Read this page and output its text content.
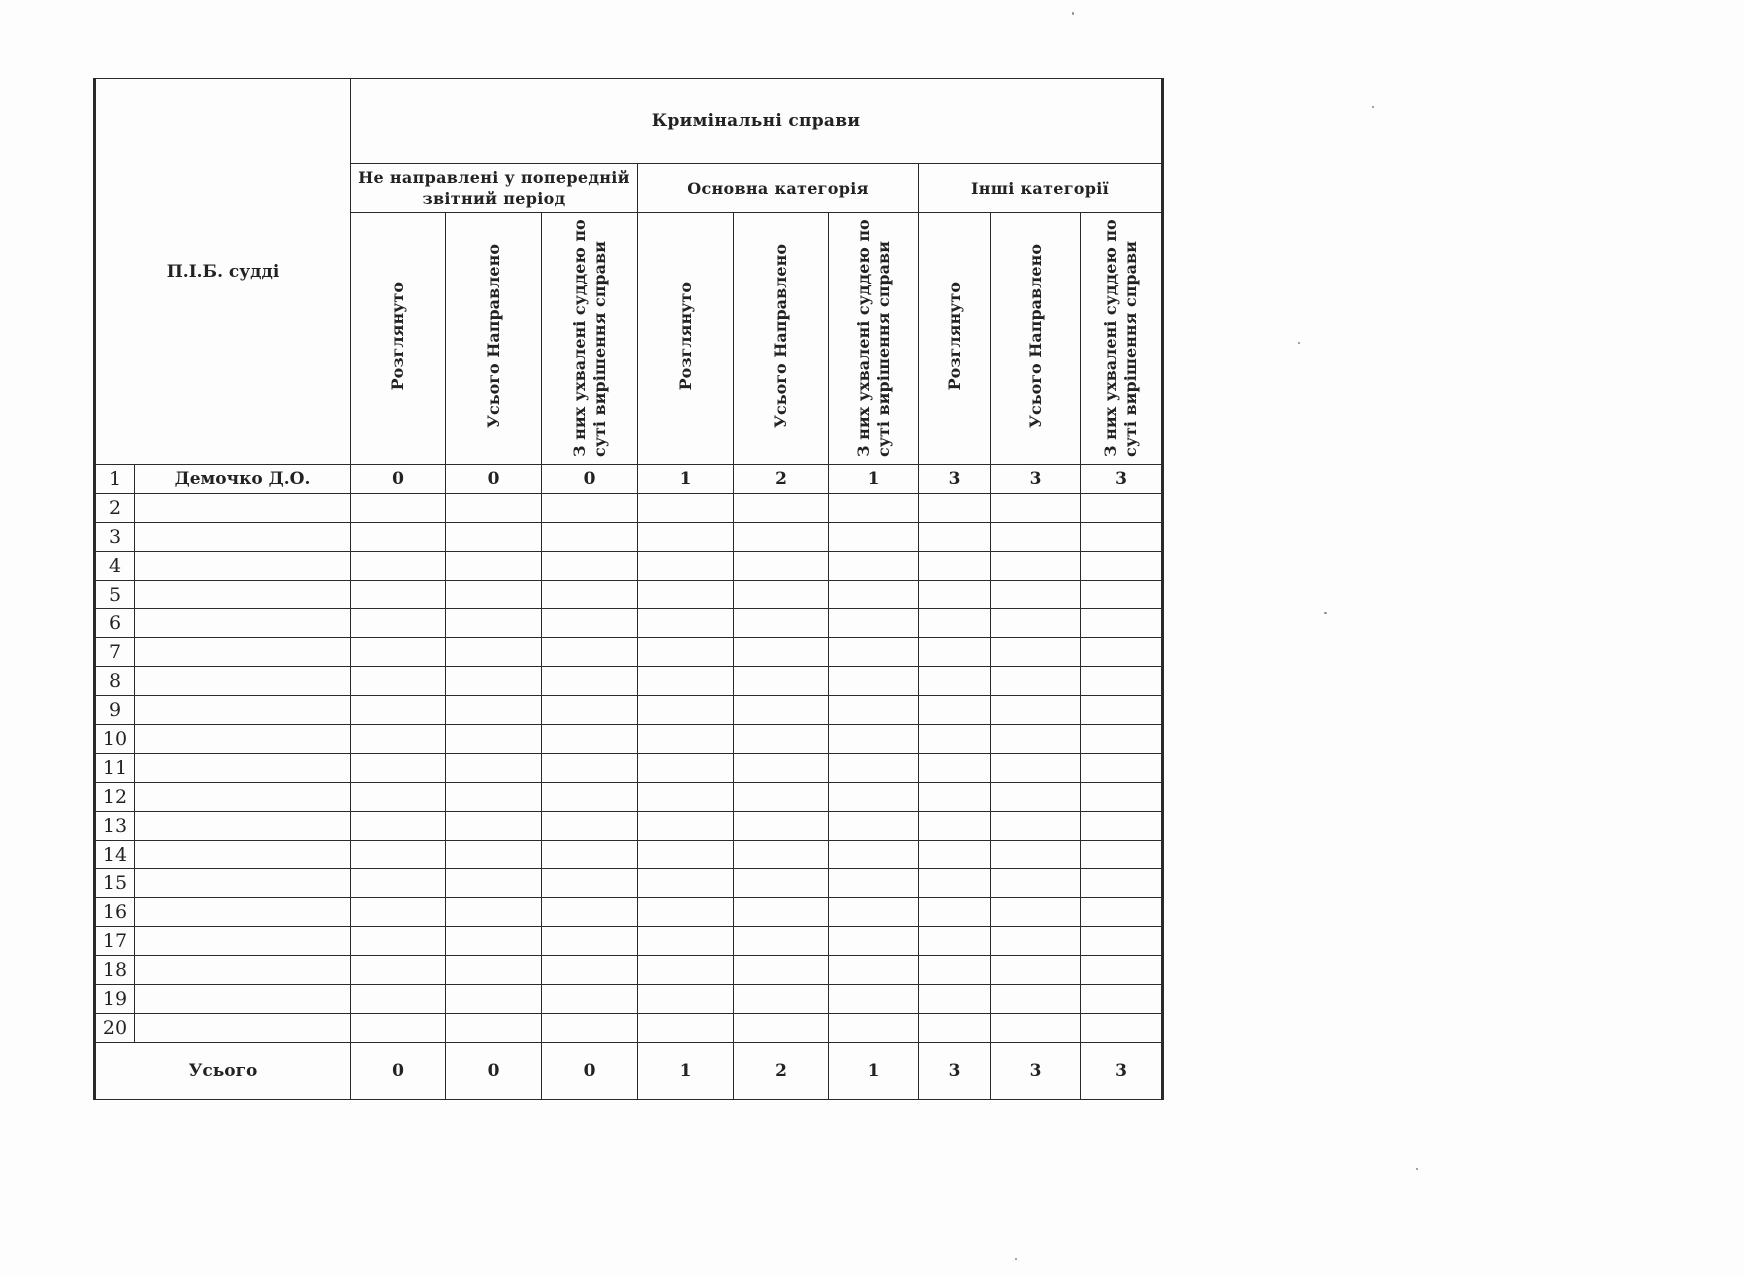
П.І.Б. судді		Кримінальні справи								
		Не направлені у попередній звітний період			Основна категорія			Інші категорії		
		Розглянуто	Усього Направлено	З них ухвалені суддею по суті вирішення справи	Розглянуто	Усього Направлено	З них ухвалені суддею по суті вирішення справи	Розглянуто	Усього Направлено	З них ухвалені суддею по суті вирішення справи
1	Демочко Д.О.	0	0	0	1	2	1	3	3	3
2										
3										
4										
5										
6										
7										
8										
9										
10										
11										
12										
13										
14										
15										
16										
17										
18										
19										
20										
Усього		0	0	0	1	2	1	3	3	3
